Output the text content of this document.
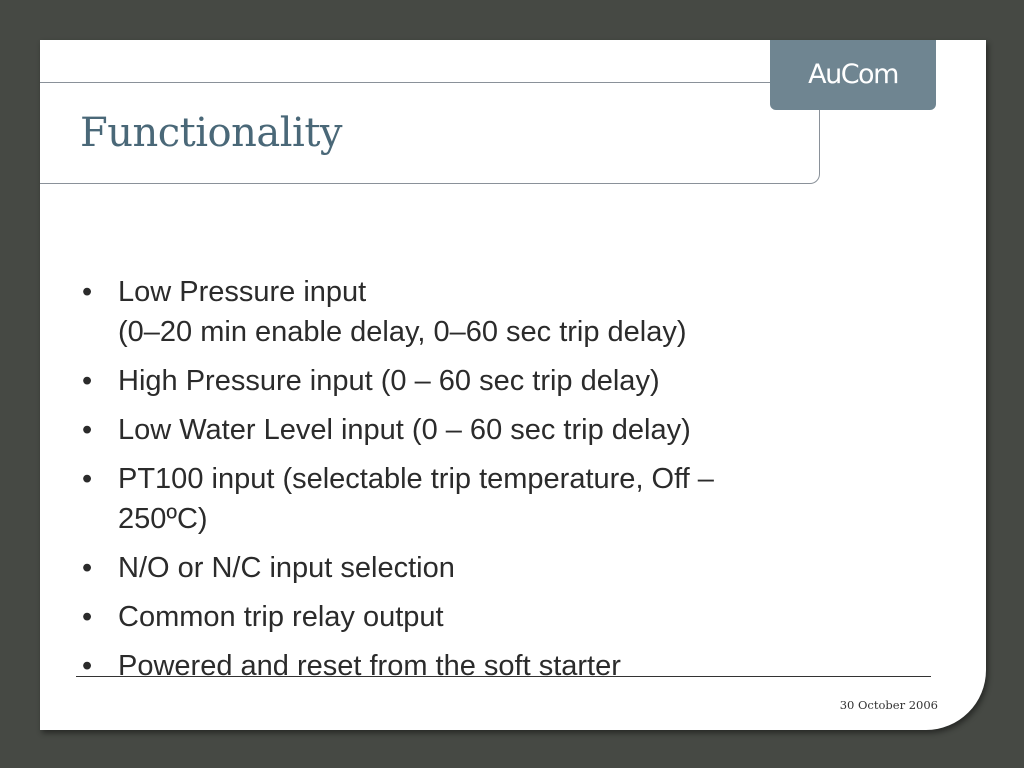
Functionality
AuCom
• Low Pressure input
(0–20 min enable delay, 0–60 sec trip delay)
• High Pressure input (0 – 60 sec trip delay)
• Low Water Level input (0 – 60 sec trip delay)
• PT100 input (selectable trip temperature, Off –
250ºC)
• N/O or N/C input selection
• Common trip relay output
• Powered and reset from the soft starter
30 October 2006
